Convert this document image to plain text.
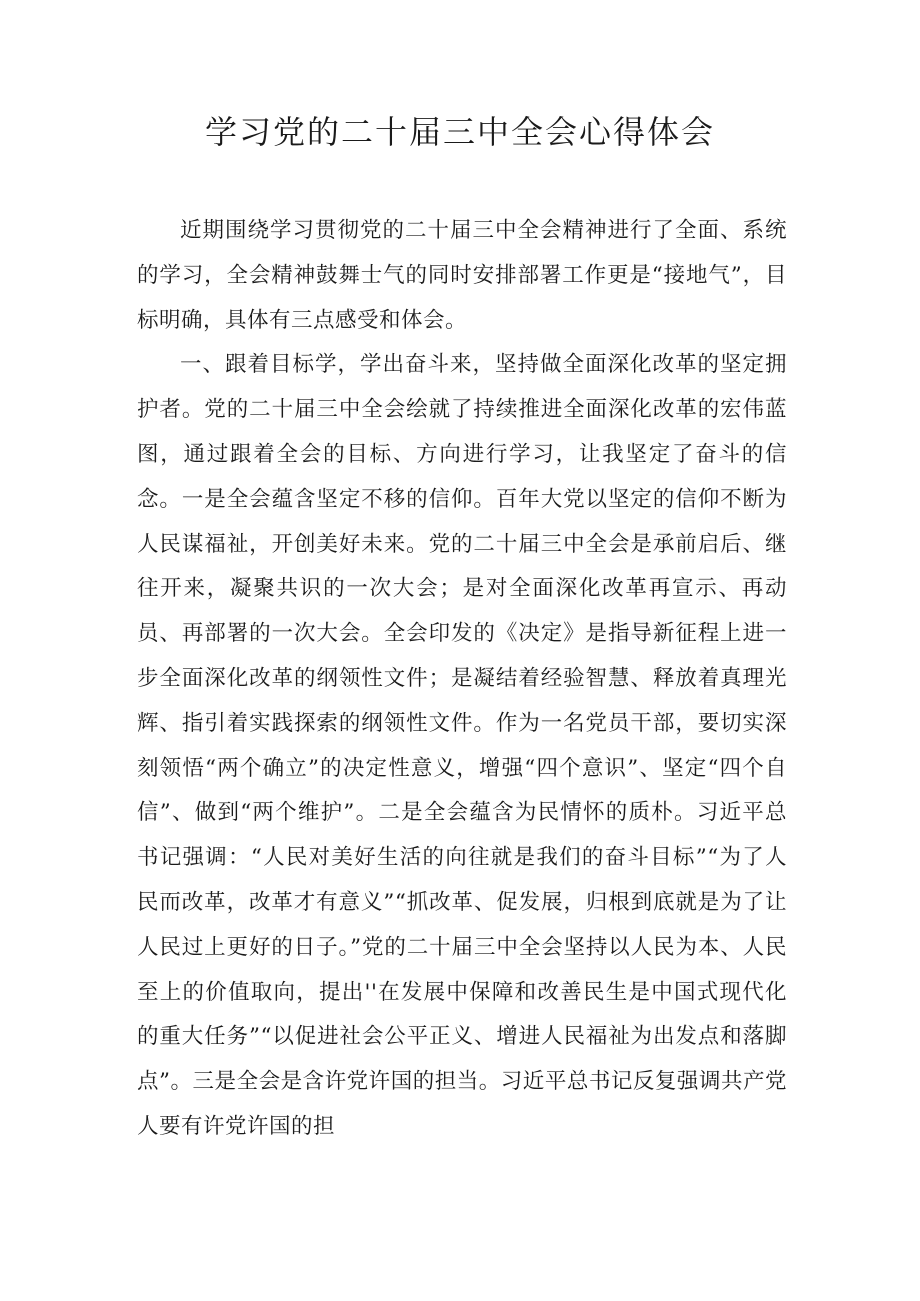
学习党的二十届三中全会心得体会

近期围绕学习贯彻党的二十届三中全会精神进行了全面、系统的学习，全会精神鼓舞士气的同时安排部署工作更是“接地气”，目标明确，具体有三点感受和体会。

一、跟着目标学，学出奋斗来，坚持做全面深化改革的坚定拥护者。党的二十届三中全会绘就了持续推进全面深化改革的宏伟蓝图，通过跟着全会的目标、方向进行学习，让我坚定了奋斗的信念。一是全会蕴含坚定不移的信仰。百年大党以坚定的信仰不断为人民谋福祉，开创美好未来。党的二十届三中全会是承前启后、继往开来，凝聚共识的一次大会；是对全面深化改革再宣示、再动员、再部署的一次大会。全会印发的《决定》是指导新征程上进一步全面深化改革的纲领性文件；是凝结着经验智慧、释放着真理光辉、指引着实践探索的纲领性文件。作为一名党员干部，要切实深刻领悟“两个确立”的决定性意义，增强“四个意识”、坚定“四个自信”、做到“两个维护”。二是全会蕴含为民情怀的质朴。习近平总书记强调：“人民对美好生活的向往就是我们的奋斗目标”“为了人民而改革，改革才有意义”“抓改革、促发展，归根到底就是为了让人民过上更好的日子。”党的二十届三中全会坚持以人民为本、人民至上的价值取向，提出''在发展中保障和改善民生是中国式现代化的重大任务”“以促进社会公平正义、增进人民福祉为出发点和落脚点”。三是全会是含许党许国的担当。习近平总书记反复强调共产党人要有许党许国的担
